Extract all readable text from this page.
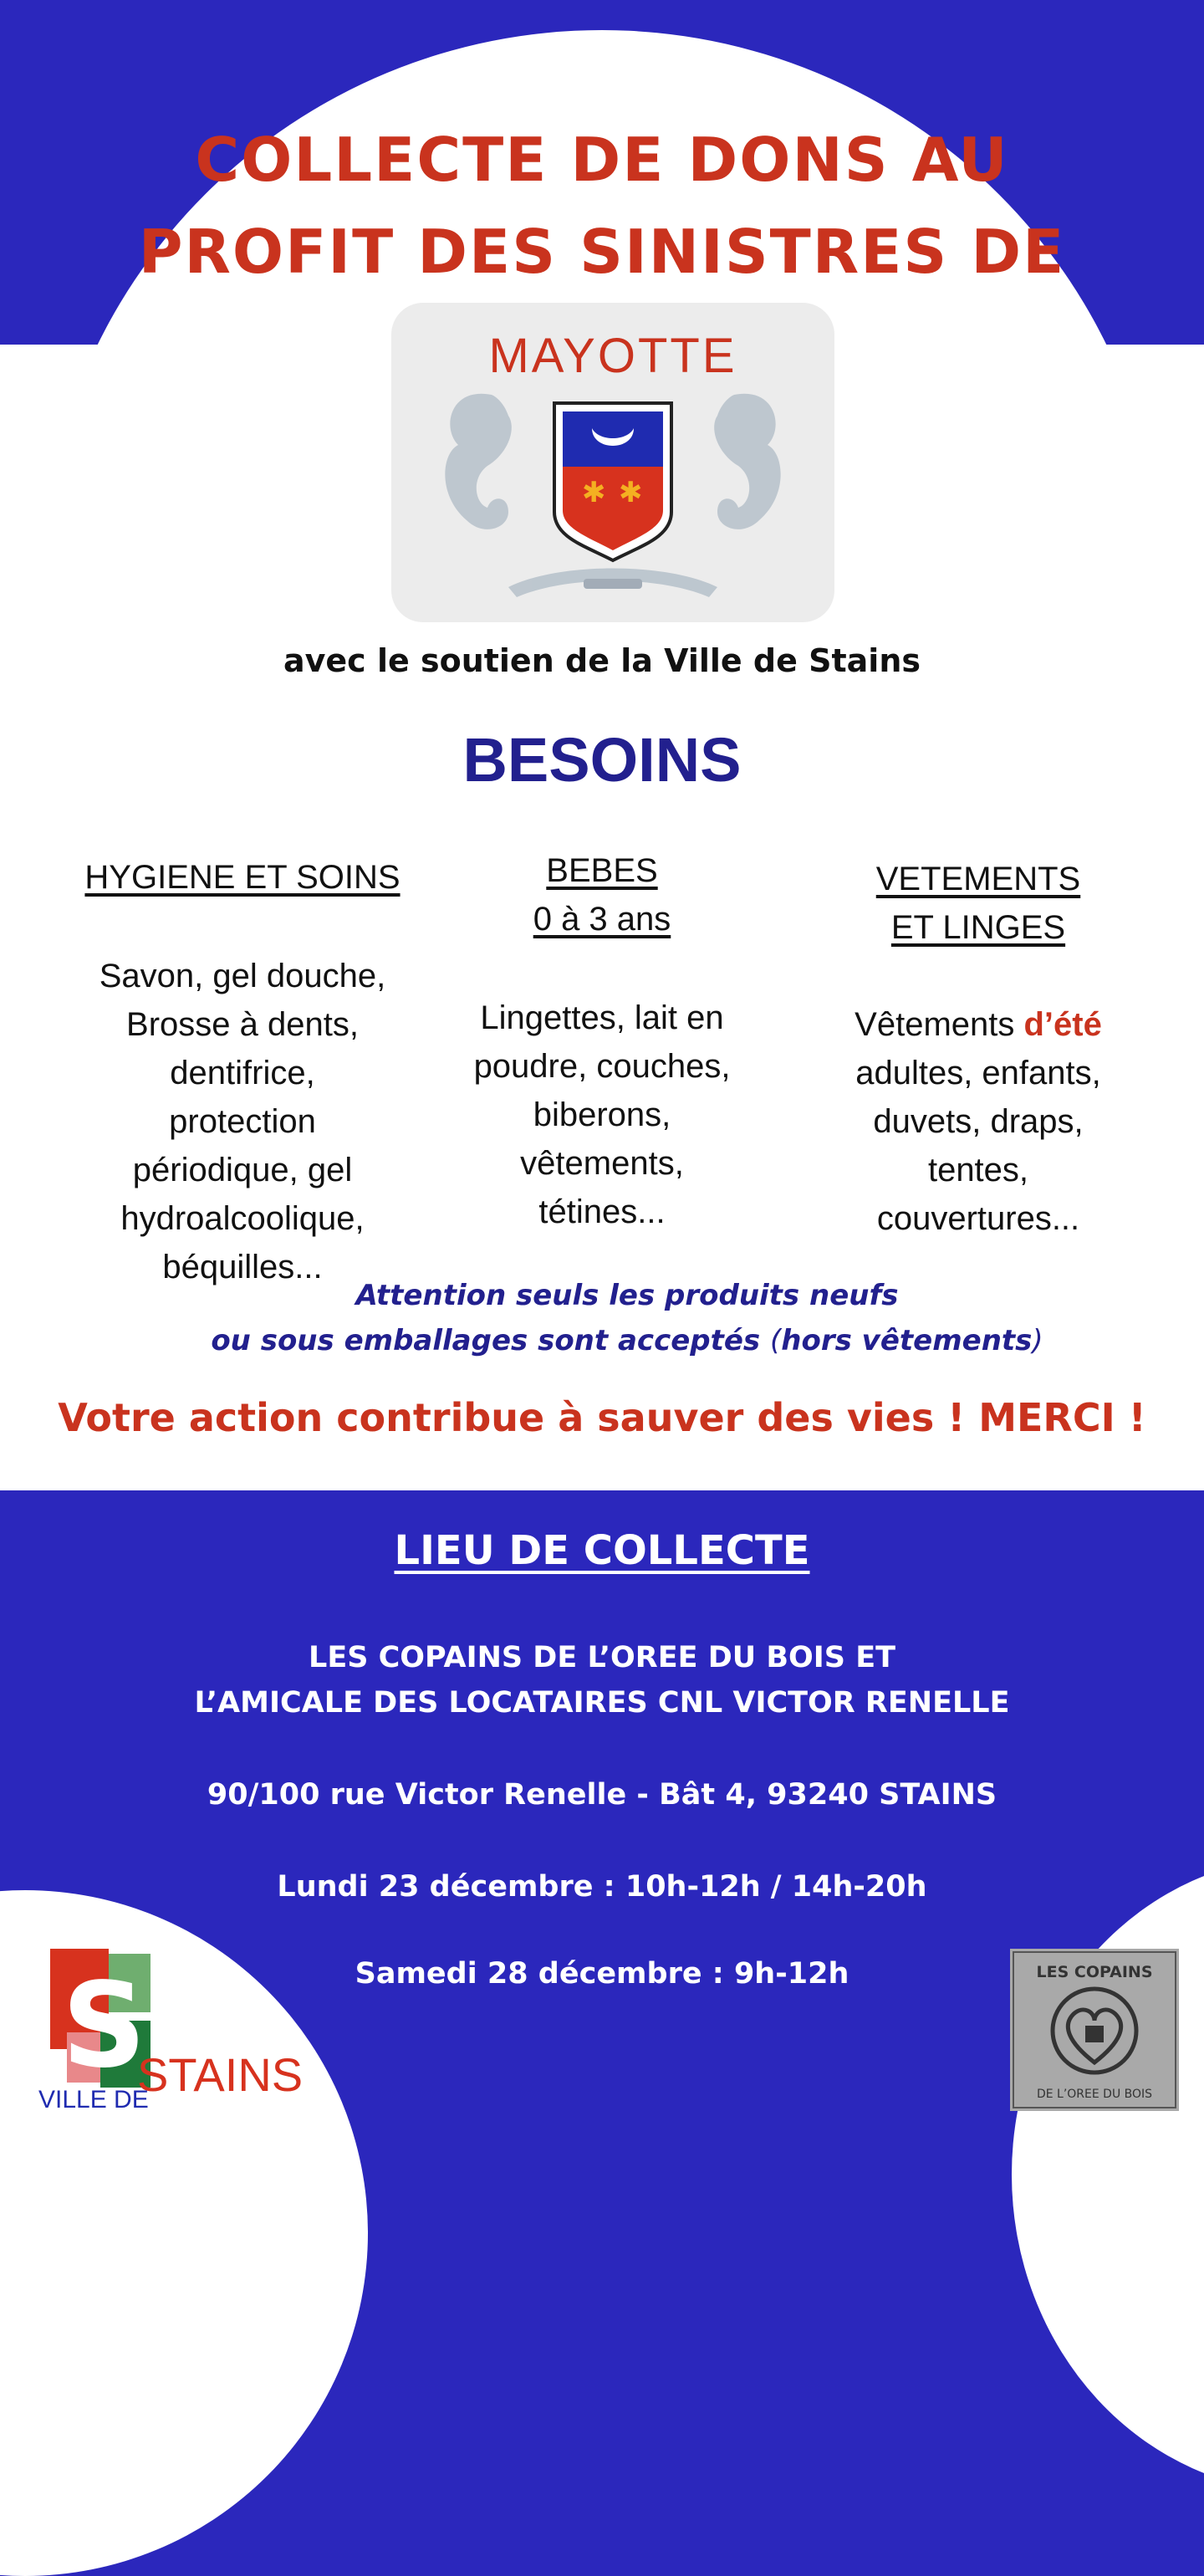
COLLECTE DE DONS AU
PROFIT DES SINISTRES DE
✱ ✱
MAYOTTE
avec le soutien de la Ville de Stains
BESOINS
HYGIENE ET SOINS
Savon, gel douche,
Brosse à dents,
dentifrice,
protection
périodique, gel
hydroalcoolique,
béquilles...
BEBES
0 à 3 ans
Lingettes, lait en
poudre, couches,
biberons,
vêtements,
tétines...
VETEMENTS
ET LINGES
Vêtements d’été
adultes, enfants,
duvets, draps,
tentes,
couvertures...
Attention seuls les produits neufs
ou sous emballages sont acceptés (hors vêtements)
Votre action contribue à sauver des vies ! MERCI !
LIEU DE COLLECTE
LES COPAINS DE L’OREE DU BOIS ET
L’AMICALE DES LOCATAIRES CNL VICTOR RENELLE
90/100 rue Victor Renelle - Bât 4, 93240 STAINS
Lundi 23 décembre : 10h-12h / 14h-20h
Samedi 28 décembre : 9h-12h
S
STAINS
VILLE DE
LES COPAINS
DE L’OREE DU BOIS
